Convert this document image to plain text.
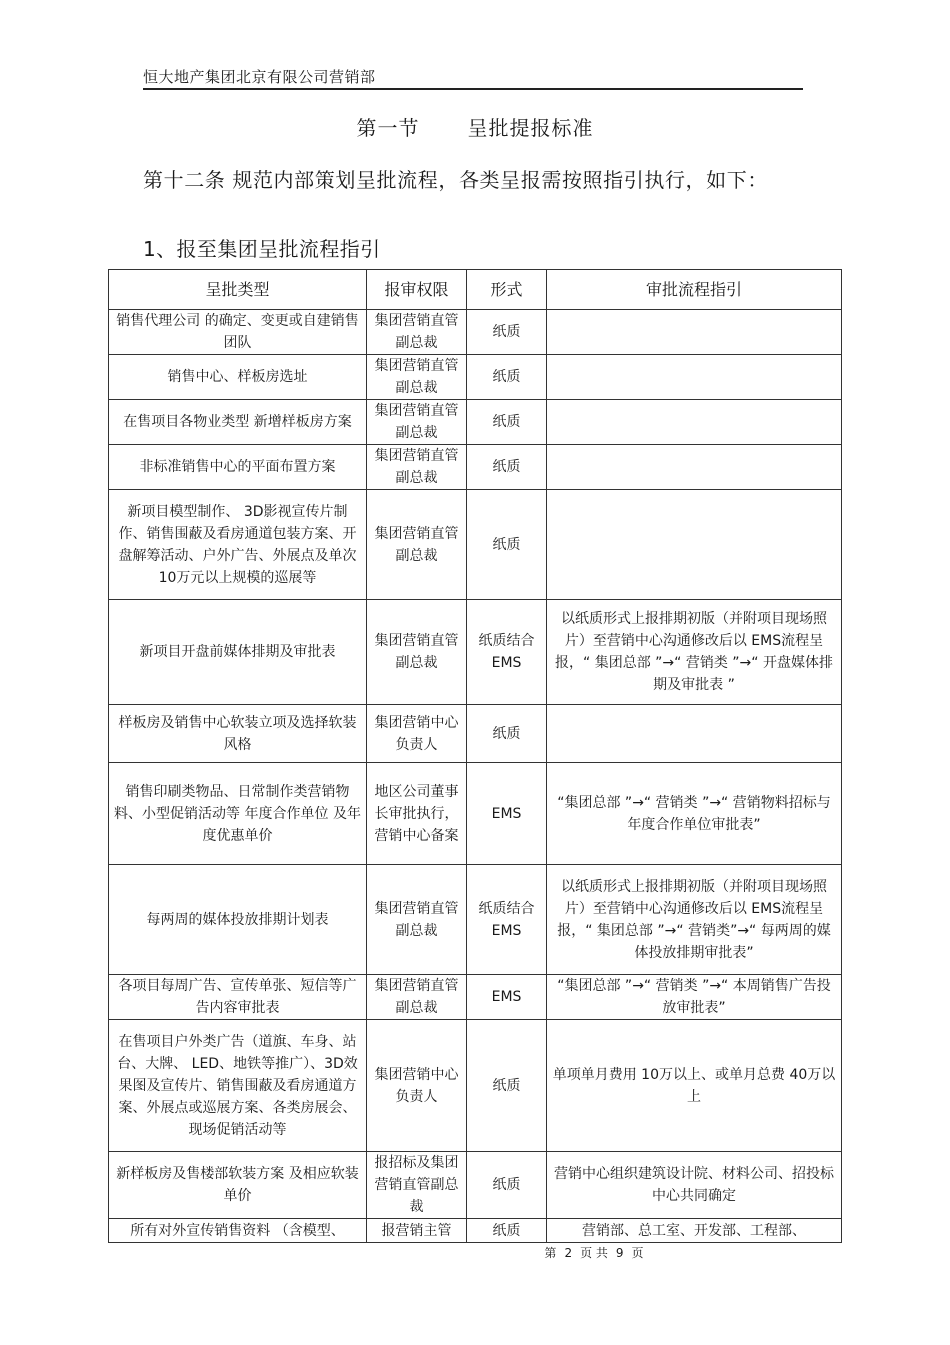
恒大地产集团北京有限公司营销部
第一节 呈批提报标准
第十二条 规范内部策划呈批流程，各类呈报需按照指引执行，如下：
1、报至集团呈批流程指引
呈批类型	报审权限	形式	审批流程指引
销售代理公司 的确定、变更或自建销售团队	集团营销直管副总裁	纸质	
销售中心、样板房选址	集团营销直管副总裁	纸质	
在售项目各物业类型 新增样板房方案	集团营销直管副总裁	纸质	
非标准销售中心的平面布置方案	集团营销直管副总裁	纸质	
新项目模型制作、 3D影视宣传片制作、销售围蔽及看房通道包装方案、开盘解筹活动、户外广告、外展点及单次 10万元以上规模的巡展等	集团营销直管副总裁	纸质	
新项目开盘前媒体排期及审批表	集团营销直管副总裁	纸质结合 EMS	以纸质形式上报排期初版（并附项目现场照片）至营销中心沟通修改后以 EMS流程呈报，“ 集团总部 ”→“ 营销类 ”→“ 开盘媒体排期及审批表 ”
样板房及销售中心软装立项及选择软装风格	集团营销中心负责人	纸质	
销售印刷类物品、日常制作类营销物料、小型促销活动等 年度合作单位 及年度优惠单价	地区公司董事长审批执行， 营销中心备案	EMS	“集团总部 ”→“ 营销类 ”→“ 营销物料招标与年度合作单位审批表”
每两周的媒体投放排期计划表	集团营销直管副总裁	纸质结合 EMS	以纸质形式上报排期初版（并附项目现场照片）至营销中心沟通修改后以 EMS流程呈报，“ 集团总部 ”→“ 营销类”→“ 每两周的媒体投放排期审批表”
各项目每周广告、宣传单张、短信等广告内容审批表	集团营销直管副总裁	EMS	“集团总部 ”→“ 营销类 ”→“ 本周销售广告投放审批表”
在售项目户外类广告（道旗、车身、站台、大牌、 LED、地铁等推广）、3D效果图及宣传片、销售围蔽及看房通道方案、外展点或巡展方案、各类房展会、现场促销活动等	集团营销中心负责人	纸质	单项单月费用 10万以上、或单月总费 40万以上
新样板房及售楼部软装方案 及相应软装单价	报招标及集团营销直管副总裁	纸质	营销中心组织建筑设计院、材料公司、招投标中心共同确定
所有对外宣传销售资料 （含模型、	报营销主管	纸质	营销部、总工室、开发部、工程部、
第 2 页 共 9 页
